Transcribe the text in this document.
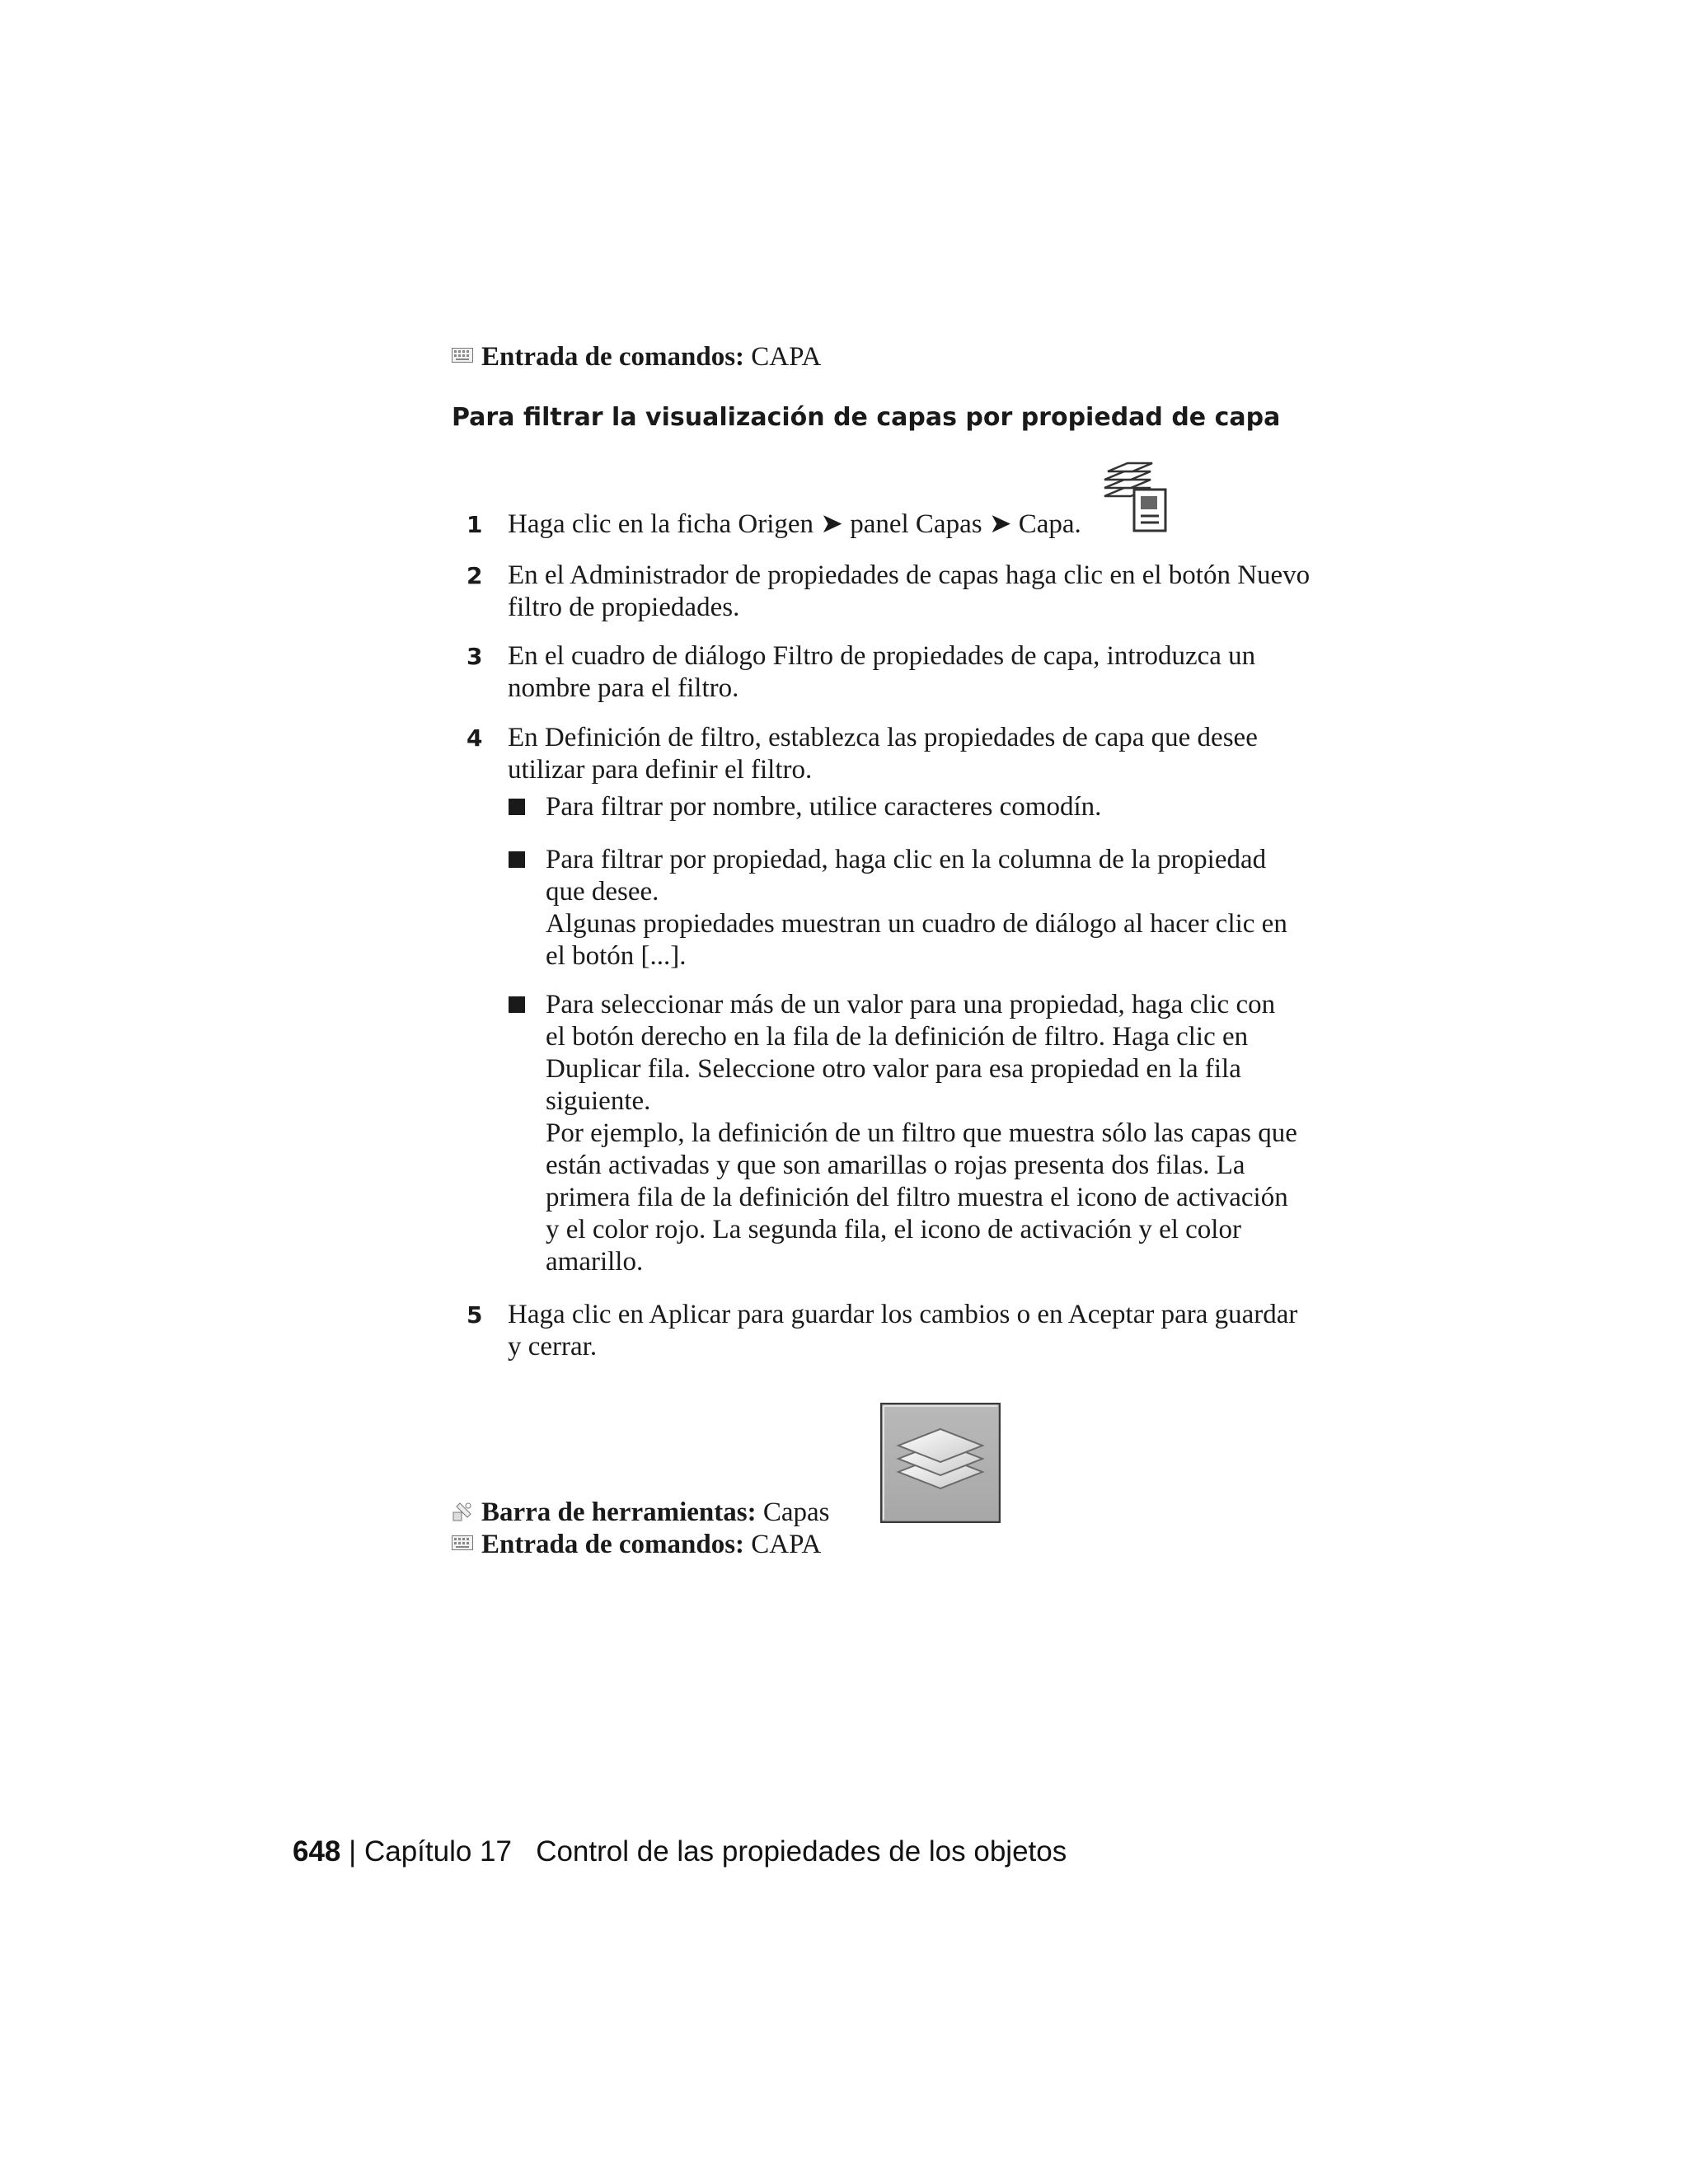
Entrada de comandos: CAPA
Para filtrar la visualización de capas por propiedad de capa
1 Haga clic en la ficha Origen ➤ panel Capas ➤ Capa.
2 En el Administrador de propiedades de capas haga clic en el botón Nuevo
filtro de propiedades.
3 En el cuadro de diálogo Filtro de propiedades de capa, introduzca un
nombre para el filtro.
4 En Definición de filtro, establezca las propiedades de capa que desee
utilizar para definir el filtro.
Para filtrar por nombre, utilice caracteres comodín.
Para filtrar por propiedad, haga clic en la columna de la propiedad
que desee.
Algunas propiedades muestran un cuadro de diálogo al hacer clic en
el botón [...].
Para seleccionar más de un valor para una propiedad, haga clic con
el botón derecho en la fila de la definición de filtro. Haga clic en
Duplicar fila. Seleccione otro valor para esa propiedad en la fila
siguiente.
Por ejemplo, la definición de un filtro que muestra sólo las capas que
están activadas y que son amarillas o rojas presenta dos filas. La
primera fila de la definición del filtro muestra el icono de activación
y el color rojo. La segunda fila, el icono de activación y el color
amarillo.
5 Haga clic en Aplicar para guardar los cambios o en Aceptar para guardar
y cerrar.
Barra de herramientas: Capas
Entrada de comandos: CAPA
648 | Capítulo 17 Control de las propiedades de los objetos
